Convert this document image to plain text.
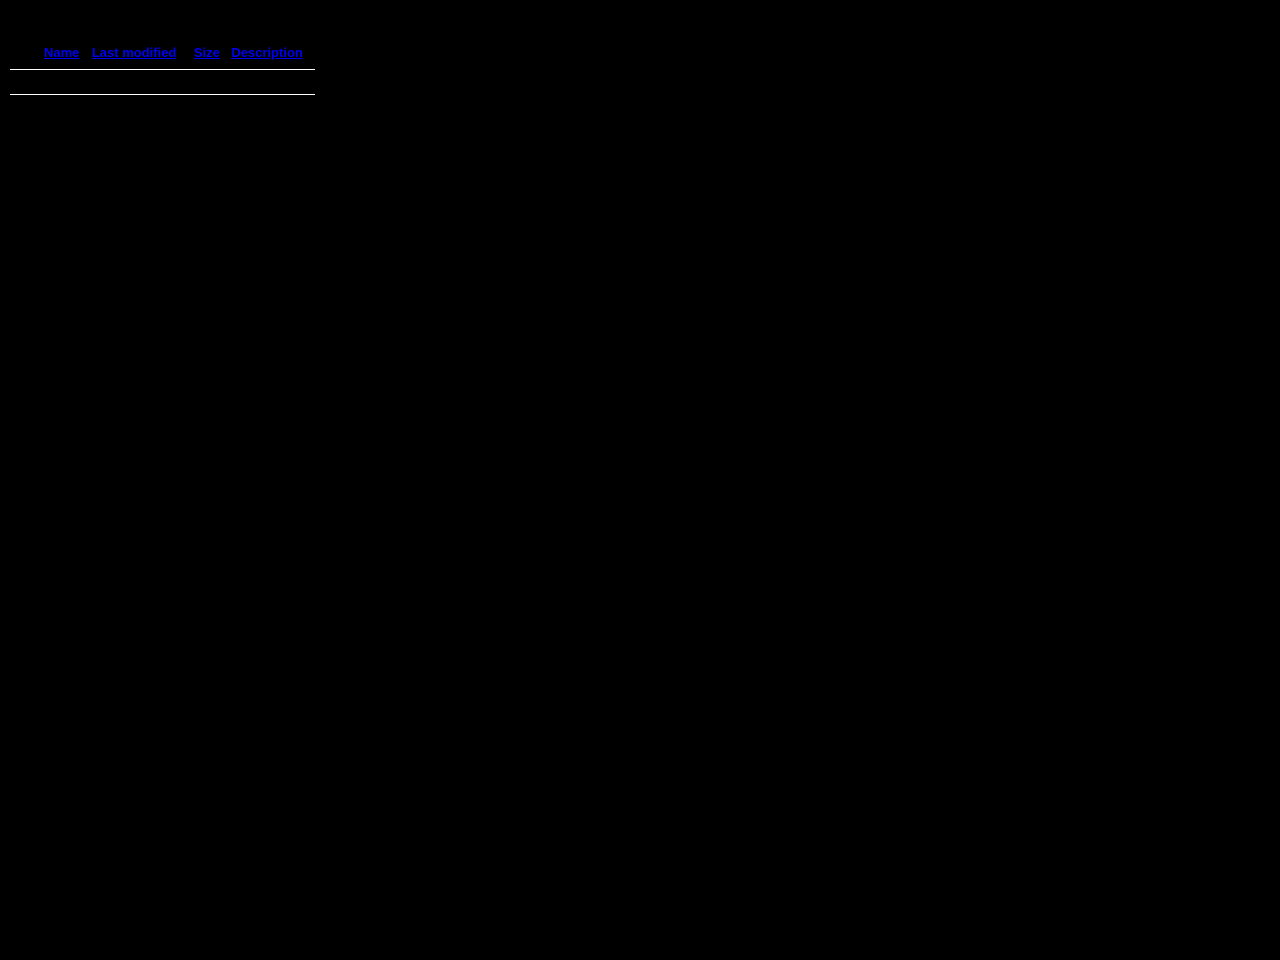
	Name	Last modified	Size	Description
